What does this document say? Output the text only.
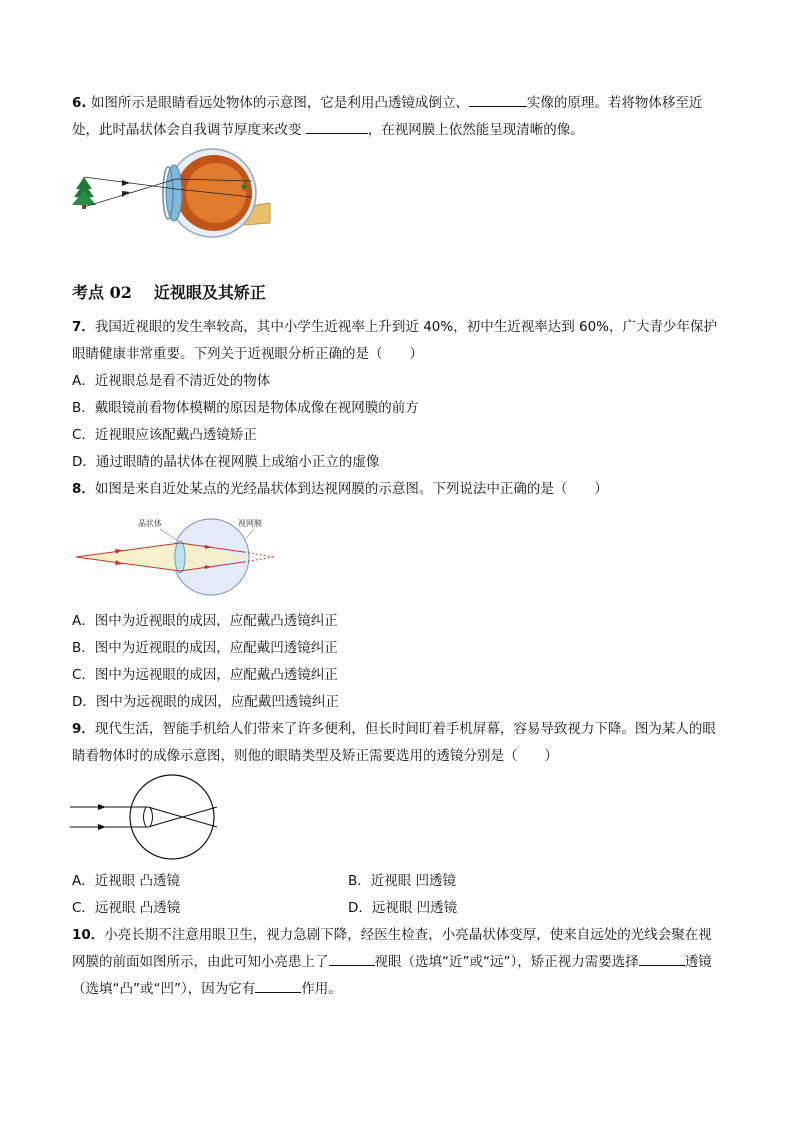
6. 如图所示是眼睛看远处物体的示意图，它是利用凸透镜成倒立、	实像的原理。若将物体移至近处，此时晶状体会自我调节厚度来改变	，在视网膜上依然能呈现清晰的像。

考点 02 近视眼及其矫正

7．我国近视眼的发生率较高，其中小学生近视率上升到近 40%，初中生近视率达到 60%，广大青少年保护眼睛健康非常重要。下列关于近视眼分析正确的是（　　）

A．近视眼总是看不清近处的物体
B．戴眼镜前看物体模糊的原因是物体成像在视网膜的前方
C．近视眼应该配戴凸透镜矫正
D．通过眼睛的晶状体在视网膜上成缩小正立的虚像

8．如图是来自近处某点的光经晶状体到达视网膜的示意图。下列说法中正确的是（　　）

晶状体	视网膜
A．图中为近视眼的成因，应配戴凸透镜纠正
B．图中为近视眼的成因，应配戴凹透镜纠正
C．图中为远视眼的成因，应配戴凸透镜纠正
D．图中为远视眼的成因，应配戴凹透镜纠正

9．现代生活，智能手机给人们带来了许多便利，但长时间盯着手机屏幕，容易导致视力下降。图为某人的眼睛看物体时的成像示意图，则他的眼睛类型及矫正需要选用的透镜分别是（　　）

A．近视眼 凸透镜	B．近视眼 凹透镜
C．远视眼 凸透镜	D．远视眼 凹透镜

10．小亮长期不注意用眼卫生，视力急剧下降，经医生检查，小亮晶状体变厚，使来自远处的光线会聚在视网膜的前面如图所示，由此可知小亮患上了	视眼（选填“近”或“远”），矫正视力需要选择	透镜（选填“凸”或“凹”），因为它有	作用。
